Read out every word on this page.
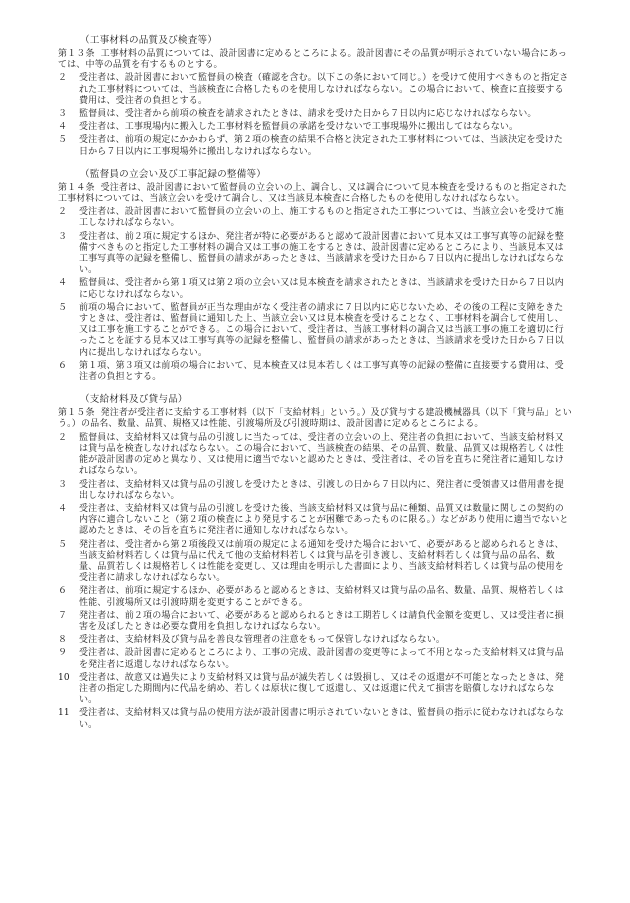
（工事材料の品質及び検査等）

第１３条 工事材料の品質については、設計図書に定めるところによる。設計図書にその品質が明示されていない場合にあっては、中等の品質を有するものとする。

２ 受注者は、設計図書において監督員の検査（確認を含む。以下この条において同じ。）を受けて使用すべきものと指定された工事材料については、当該検査に合格したものを使用しなければならない。この場合において、検査に直接要する費用は、受注者の負担とする。

３ 監督員は、受注者から前項の検査を請求されたときは、請求を受けた日から７日以内に応じなければならない。

４ 受注者は、工事現場内に搬入した工事材料を監督員の承諾を受けないで工事現場外に搬出してはならない。

５ 受注者は、前項の規定にかかわらず、第２項の検査の結果不合格と決定された工事材料については、当該決定を受けた日から７日以内に工事現場外に搬出しなければならない。

（監督員の立会い及び工事記録の整備等）

第１４条 受注者は、設計図書において監督員の立会いの上、調合し、又は調合について見本検査を受けるものと指定された工事材料については、当該立会いを受けて調合し、又は当該見本検査に合格したものを使用しなければならない。

２ 受注者は、設計図書において監督員の立会いの上、施工するものと指定された工事については、当該立会いを受けて施工しなければならない。

３ 受注者は、前２項に規定するほか、発注者が特に必要があると認めて設計図書において見本又は工事写真等の記録を整備すべきものと指定した工事材料の調合又は工事の施工をするときは、設計図書に定めるところにより、当該見本又は工事写真等の記録を整備し、監督員の請求があったときは、当該請求を受けた日から７日以内に提出しなければならない。

４ 監督員は、受注者から第１項又は第２項の立会い又は見本検査を請求されたときは、当該請求を受けた日から７日以内に応じなければならない。

５ 前項の場合において、監督員が正当な理由がなく受注者の請求に７日以内に応じないため、その後の工程に支障をきたすときは、受注者は、監督員に通知した上、当該立会い又は見本検査を受けることなく、工事材料を調合して使用し、又は工事を施工することができる。この場合において、受注者は、当該工事材料の調合又は当該工事の施工を適切に行ったことを証する見本又は工事写真等の記録を整備し、監督員の請求があったときは、当該請求を受けた日から７日以内に提出しなければならない。

６ 第１項、第３項又は前項の場合において、見本検査又は見本若しくは工事写真等の記録の整備に直接要する費用は、受注者の負担とする。

（支給材料及び貸与品）

第１５条 発注者が受注者に支給する工事材料（以下「支給材料」という。）及び貸与する建設機械器具（以下「貸与品」という。）の品名、数量、品質、規格又は性能、引渡場所及び引渡時期は、設計図書に定めるところによる。

２ 監督員は、支給材料又は貸与品の引渡しに当たっては、受注者の立会いの上、発注者の負担において、当該支給材料又は貸与品を検査しなければならない。この場合において、当該検査の結果、その品質、数量、品質又は規格若しくは性能が設計図書の定めと異なり、又は使用に適当でないと認めたときは、受注者は、その旨を直ちに発注者に通知しなければならない。

３ 受注者は、支給材料又は貸与品の引渡しを受けたときは、引渡しの日から７日以内に、発注者に受領書又は借用書を提出しなければならない。

４ 受注者は、支給材料又は貸与品の引渡しを受けた後、当該支給材料又は貸与品に種類、品質又は数量に関しこの契約の内容に適合しないこと（第２項の検査により発見することが困難であったものに限る。）などがあり使用に適当でないと認めたときは、その旨を直ちに発注者に通知しなければならない。

５ 発注者は、受注者から第２項後段又は前項の規定による通知を受けた場合において、必要があると認められるときは、当該支給材料若しくは貸与品に代えて他の支給材料若しくは貸与品を引き渡し、支給材料若しくは貸与品の品名、数量、品質若しくは規格若しくは性能を変更し、又は理由を明示した書面により、当該支給材料若しくは貸与品の使用を受注者に請求しなければならない。

６ 発注者は、前項に規定するほか、必要があると認めるときは、支給材料又は貸与品の品名、数量、品質、規格若しくは性能、引渡場所又は引渡時期を変更することができる。

７ 発注者は、前２項の場合において、必要があると認められるときは工期若しくは請負代金額を変更し、又は受注者に損害を及ぼしたときは必要な費用を負担しなければならない。

８ 受注者は、支給材料及び貸与品を善良な管理者の注意をもって保管しなければならない。

９ 受注者は、設計図書に定めるところにより、工事の完成、設計図書の変更等によって不用となった支給材料又は貸与品を発注者に返還しなければならない。

10 受注者は、故意又は過失により支給材料又は貸与品が滅失若しくは毀損し、又はその返還が不可能となったときは、発注者の指定した期間内に代品を納め、若しくは原状に復して返還し、又は返還に代えて損害を賠償しなければならない。

11 受注者は、支給材料又は貸与品の使用方法が設計図書に明示されていないときは、監督員の指示に従わなければならない。
